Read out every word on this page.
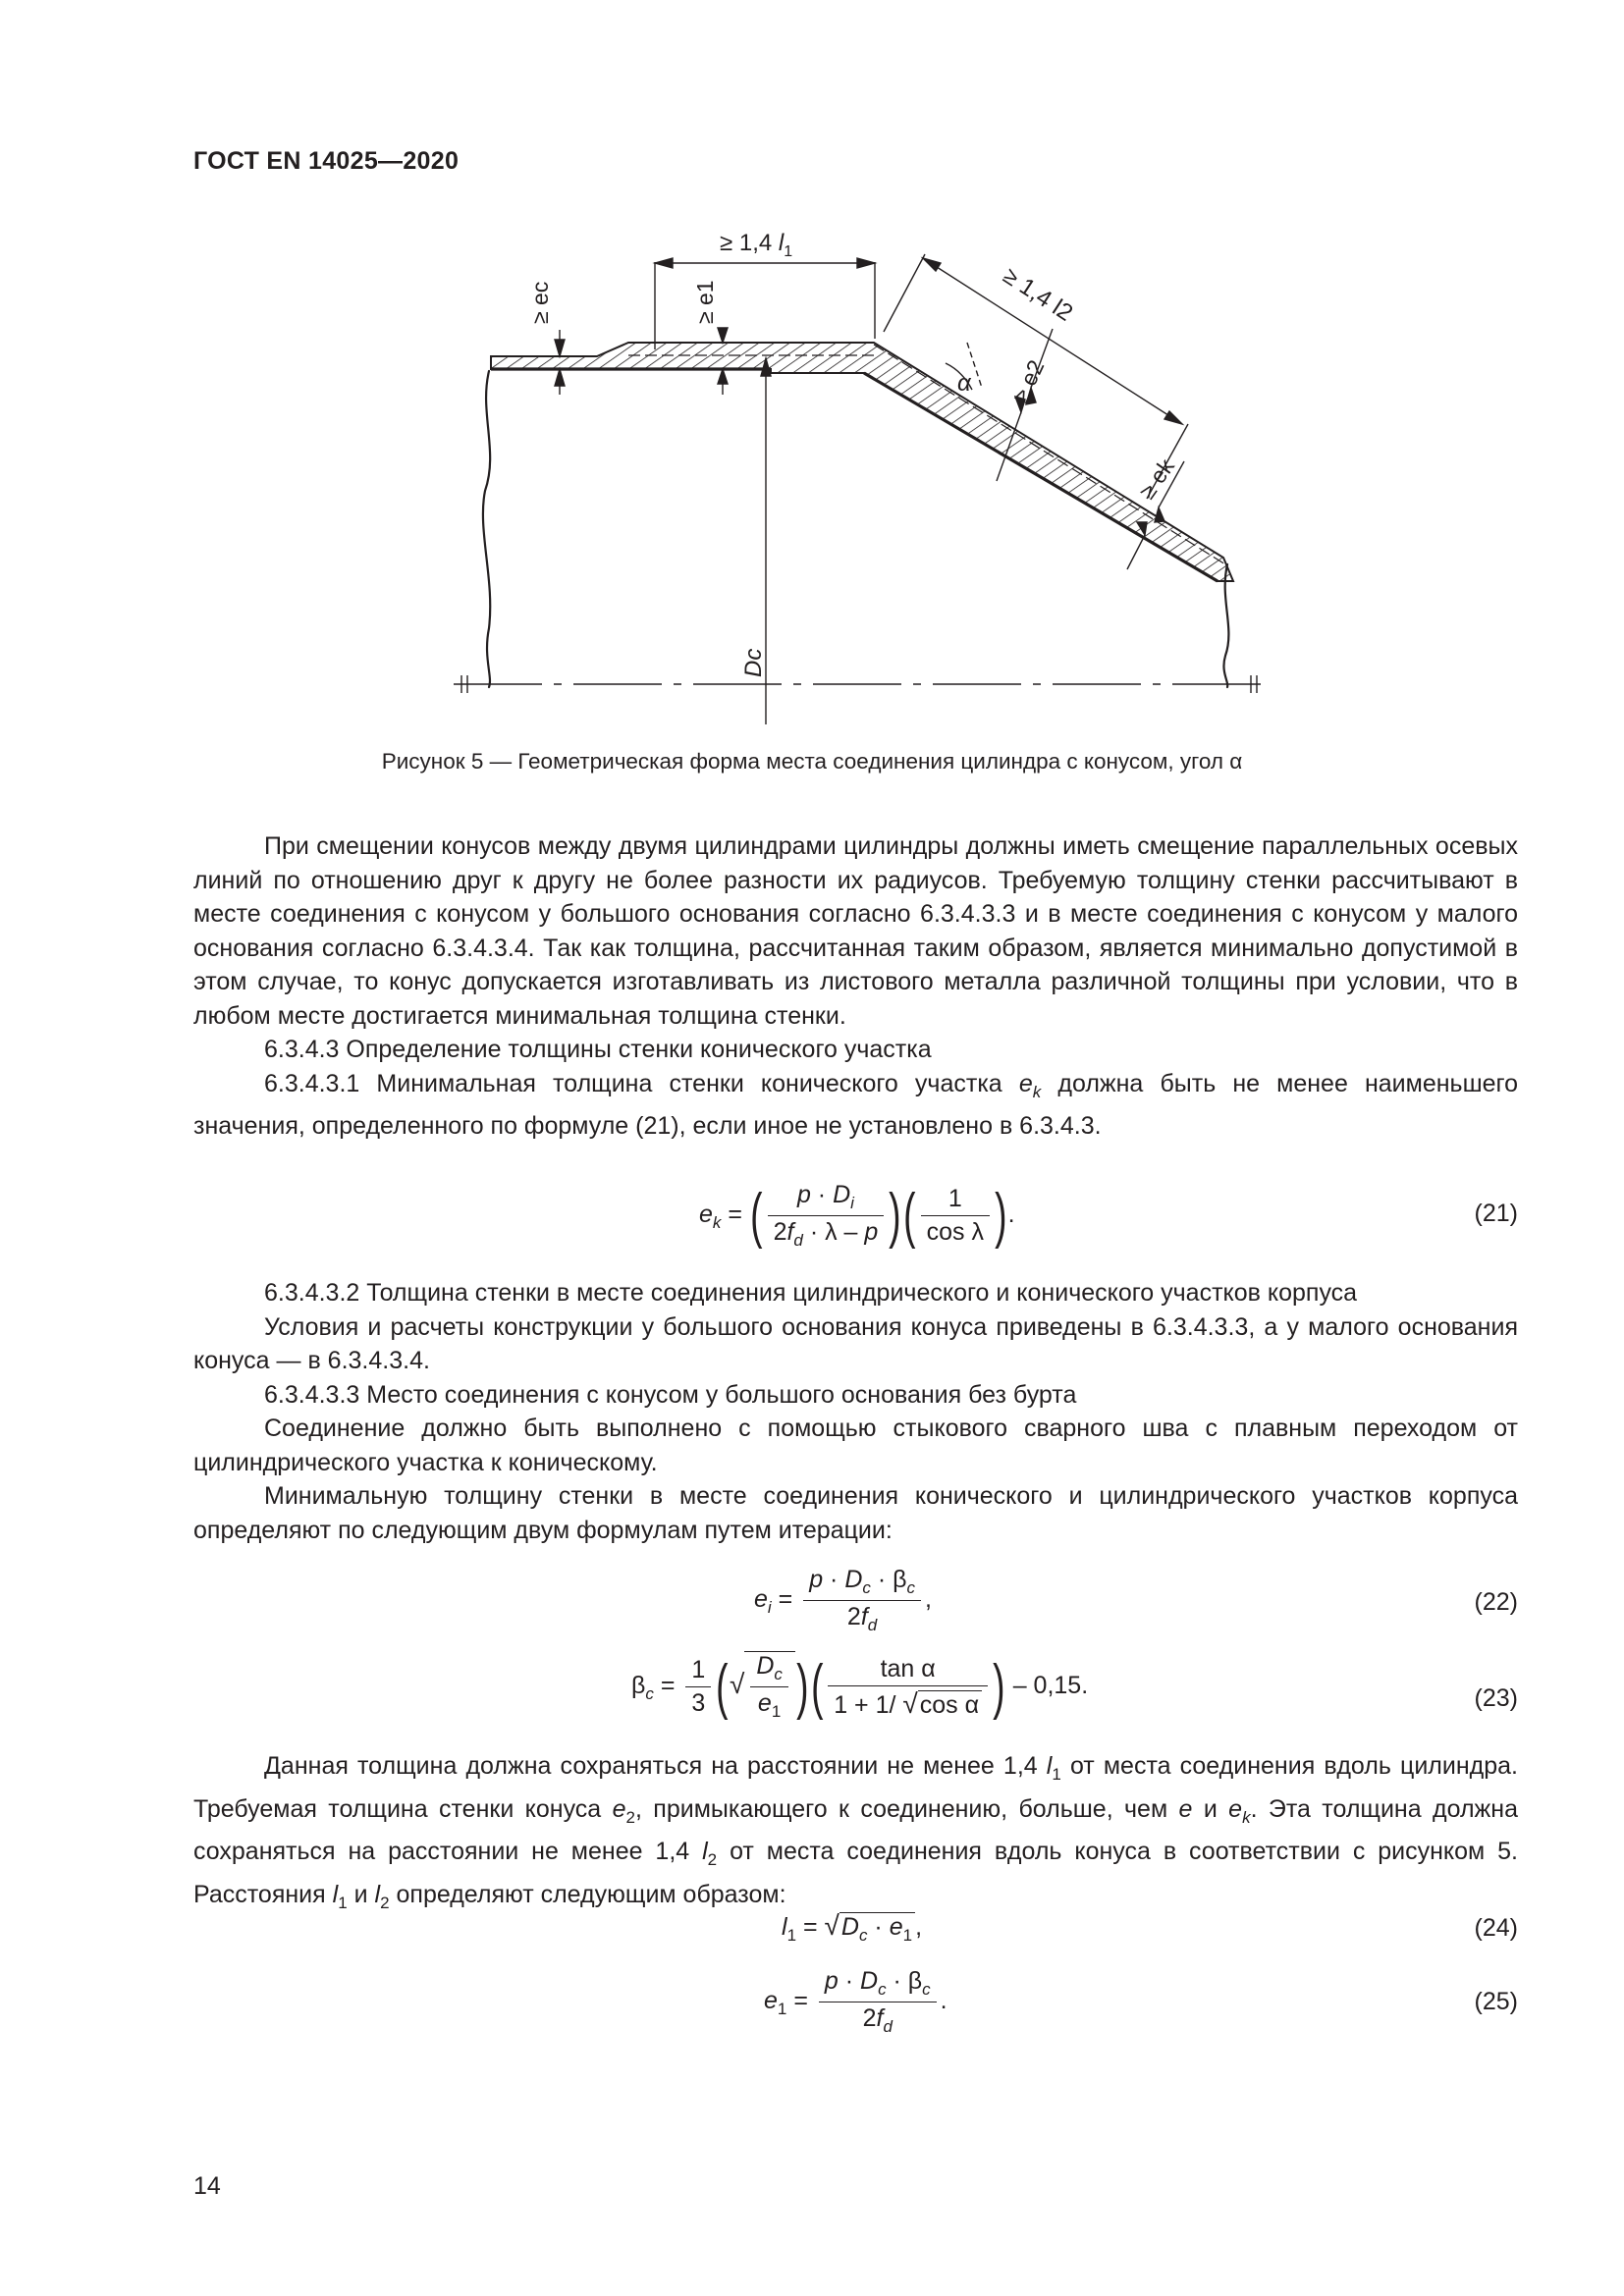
ГОСТ EN 14025—2020
≥ 1,4 $l_1$
≥ 1,4 l2
≥ ec	≥ e1
≥ e2
≥ ek
α
Dc
Рисунок 5 — Геометрическая форма места соединения цилиндра с конусом, угол α
При смещении конусов между двумя цилиндрами цилиндры должны иметь смещение параллельных осевых линий по отношению друг к другу не более разности их радиусов. Требуемую толщину стенки рассчитывают в месте соединения с конусом у большого основания согласно 6.3.4.3.3 и в месте соединения с конусом у малого основания согласно 6.3.4.3.4. Так как толщина, рассчитанная таким образом, является минимально допустимой в этом случае, то конус допускается изготавливать из листового металла различной толщины при условии, что в любом месте достигается минимальная толщина стенки.
6.3.4.3 Определение толщины стенки конического участка
6.3.4.3.1 Минимальная толщина стенки конического участка $e_k$ должна быть не менее наименьшего значения, определенного по формуле (21), если иное не установлено в 6.3.4.3.
$e_k$ = ( $\frac{p \cdot D_i}{2f_d \cdot \lambda - p}$ )( $\frac{1}{\text{cos λ}}$ ).	(21)
6.3.4.3.2 Толщина стенки в месте соединения цилиндрического и конического участков корпуса
Условия и расчеты конструкции у большого основания конуса приведены в 6.3.4.3.3, а у малого основания конуса — в 6.3.4.3.4.
6.3.4.3.3 Место соединения с конусом у большого основания без бурта
Соединение должно быть выполнено с помощью стыкового сварного шва с плавным переходом от цилиндрического участка к коническому.
Минимальную толщину стенки в месте соединения конического и цилиндрического участков корпуса определяют по следующим двум формулам путем итерации:
$e_i = \frac{p \cdot D_c \cdot \beta_c}{2f_d}$ ,	(22)
$\beta_c = \frac{1}{3}$ (√ $\frac{D_c}{e_1}$ )( $\frac{\text{tan α}}{\text{1 + 1/ √cos α}}$ ) – 0,15.	(23)
Данная толщина должна сохраняться на расстоянии не менее 1,4 $l_1$ от места соединения вдоль цилиндра. Требуемая толщина стенки конуса $e_2$, примыкающего к соединению, больше, чем e и $e_k$. Эта толщина должна сохраняться на расстоянии не менее 1,4 $l_2$ от места соединения вдоль конуса в соответствии с рисунком 5. Расстояния $l_1$ и $l_2$ определяют следующим образом:
$l_1 = √D_c \cdot e_1$ ,	(24)
$e_1 = \frac{p \cdot D_c \cdot \beta_c}{2f_d}$ .	(25)
14
